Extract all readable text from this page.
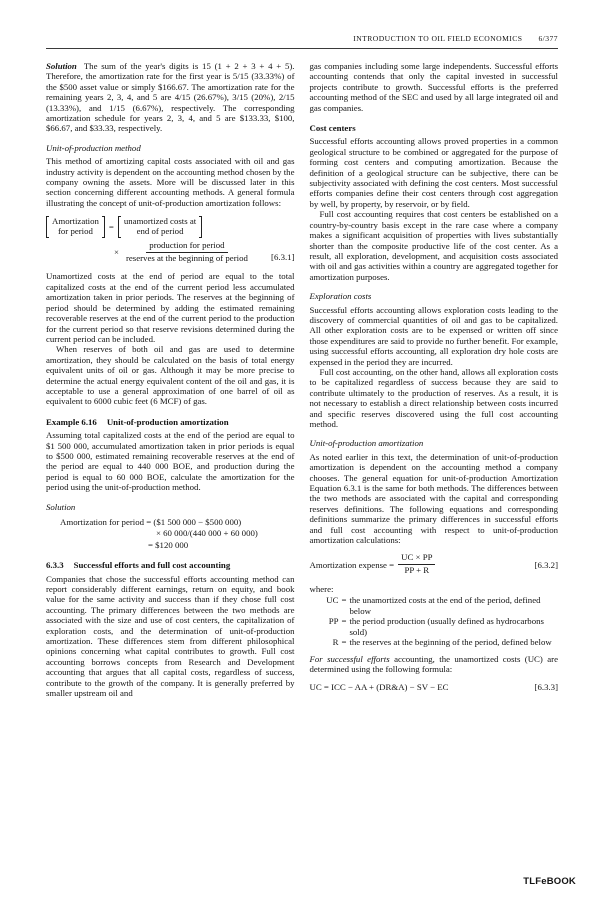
INTRODUCTION TO OIL FIELD ECONOMICS 6/377

Solution The sum of the year's digits is 15 (1 + 2 + 3 + 4 + 5). Therefore, the amortization rate for the first year is 5/15 (33.33%) of the $500 asset value or simply $166.67. The amortization rate for the remaining years 2, 3, 4, and 5 are 4/15 (26.67%), 3/15 (20%), 2/15 (13.33%), and 1/15 (6.67%), respectively. The corresponding amortization schedule for years 2, 3, 4, and 5 are $133.33, $100, $66.67, and $33.33, respectively.

Unit-of-production method

This method of amortizing capital costs associated with oil and gas industry activity is dependent on the accounting method chosen by the company owning the assets. More will be discussed later in this section concerning different accounting methods. A general formula illustrating the concept of unit-of-production amortization follows:

Amortization
for period	=
unamortized costs at
end of period
× $\frac{\text{production for period}}{\text{reserves at the beginning of period}} [6.3.1]$

Unamortized costs at the end of period are equal to the total capitalized costs at the end of the current period less accumulated amortization taken in prior periods. The reserves at the beginning of period should be determined by adding the estimated remaining recoverable reserves at the end of the current period to the production for the current period so that reserve revisions determined during the current period can be included.

When reserves of both oil and gas are used to determine amortization, they should be calculated on the basis of total energy equivalent units of oil or gas. Although it may be more precise to determine the actual energy equivalent content of the oil and gas, it is acceptable to use a general approximation of one barrel of oil as equivalent to 6000 cubic feet (6 MCF) of gas.

Example 6.16 Unit-of-production amortization

Assuming total capitalized costs at the end of the period are equal to $1 500 000, accumulated amortization taken in prior periods is equal to $500 000, estimated remaining recoverable reserves at the end of the period are equal to 440 000 BOE, and production during the period is equal to 60 000 BOE, calculate the amortization for the period using the unit-of-production method.

Solution
Amortization for period = ($1 500 000 − $500 000)
× 60 000/(440 000 + 60 000)
= $120 000
6.3.3 Successful efforts and full cost accounting

Companies that chose the successful efforts accounting method can report considerably different earnings, return on equity, and book value for the same activity and success than if they chose full cost accounting. The primary differences between the two methods are associated with the size and use of cost centers, the capitalization of exploration costs, and the determination of unit-of-production amortization. These differences stem from different philosophical opinions concerning what capital contributes to growth. Full cost accounting borrows concepts from Research and Development accounting that argues that all capital costs, regardless of success, contribute to the growth of the company. It is generally preferred by smaller upstream oil and

gas companies including some large independents. Successful efforts accounting contends that only the capital invested in successful projects contribute to growth. Successful efforts is the preferred accounting method of the SEC and used by all large integrated oil and gas companies.

Cost centers

Successful efforts accounting allows proved properties in a common geological structure to be combined or aggregated for the purpose of forming cost centers and computing amortization. Because the definition of a geological structure can be subjective, there can be subjectivity associated with defining the cost centers. Most successful efforts companies define their cost centers through cost aggregation by well, by property, by reservoir, or by field.

Full cost accounting requires that cost centers be established on a country-by-country basis except in the rare case where a company makes a significant acquisition of properties with lives substantially shorter than the composite productive life of the cost center. As a result, all exploration, development, and acquisition costs associated with oil and gas activities within a country are aggregated together for amortization purposes.

Exploration costs

Successful efforts accounting allows exploration costs leading to the discovery of commercial quantities of oil and gas to be capitalized. All other exploration costs are to be expensed or written off since those expenditures are said to provide no further benefit. For example, using successful efforts accounting, all exploration dry hole costs are expensed in the period they are incurred.

Full cost accounting, on the other hand, allows all exploration costs to be capitalized regardless of success because they are said to contribute ultimately to the production of reserves. As a result, it is not necessary to establish a direct relationship between costs incurred and specific reserves discovered using the full cost accounting method.

Unit-of-production amortization

As noted earlier in this text, the determination of unit-of-production amortization is dependent on the accounting method a company chooses. The general equation for unit-of-production Amortization Equation 6.3.1 is the same for both methods. The differences between the two methods are associated with the capital and corresponding reserves definitions. The following equations and corresponding definitions summarize the primary differences in successful efforts and full cost accounting with respect to unit-of-production amortization calculations:

Amortization expense = $\frac{UC \times PP}{PP + R}$	[6.3.2]
where:
UC = the unamortized costs at the end of the period, defined below
PP = the period production (usually defined as hydrocarbons sold)
R = the reserves at the beginning of the period, defined below

For successful efforts accounting, the unamortized costs (UC) are determined using the following formula:

UC = ICC − AA + (DR&A) − SV − EC	[6.3.3]
TLFeBOOK
